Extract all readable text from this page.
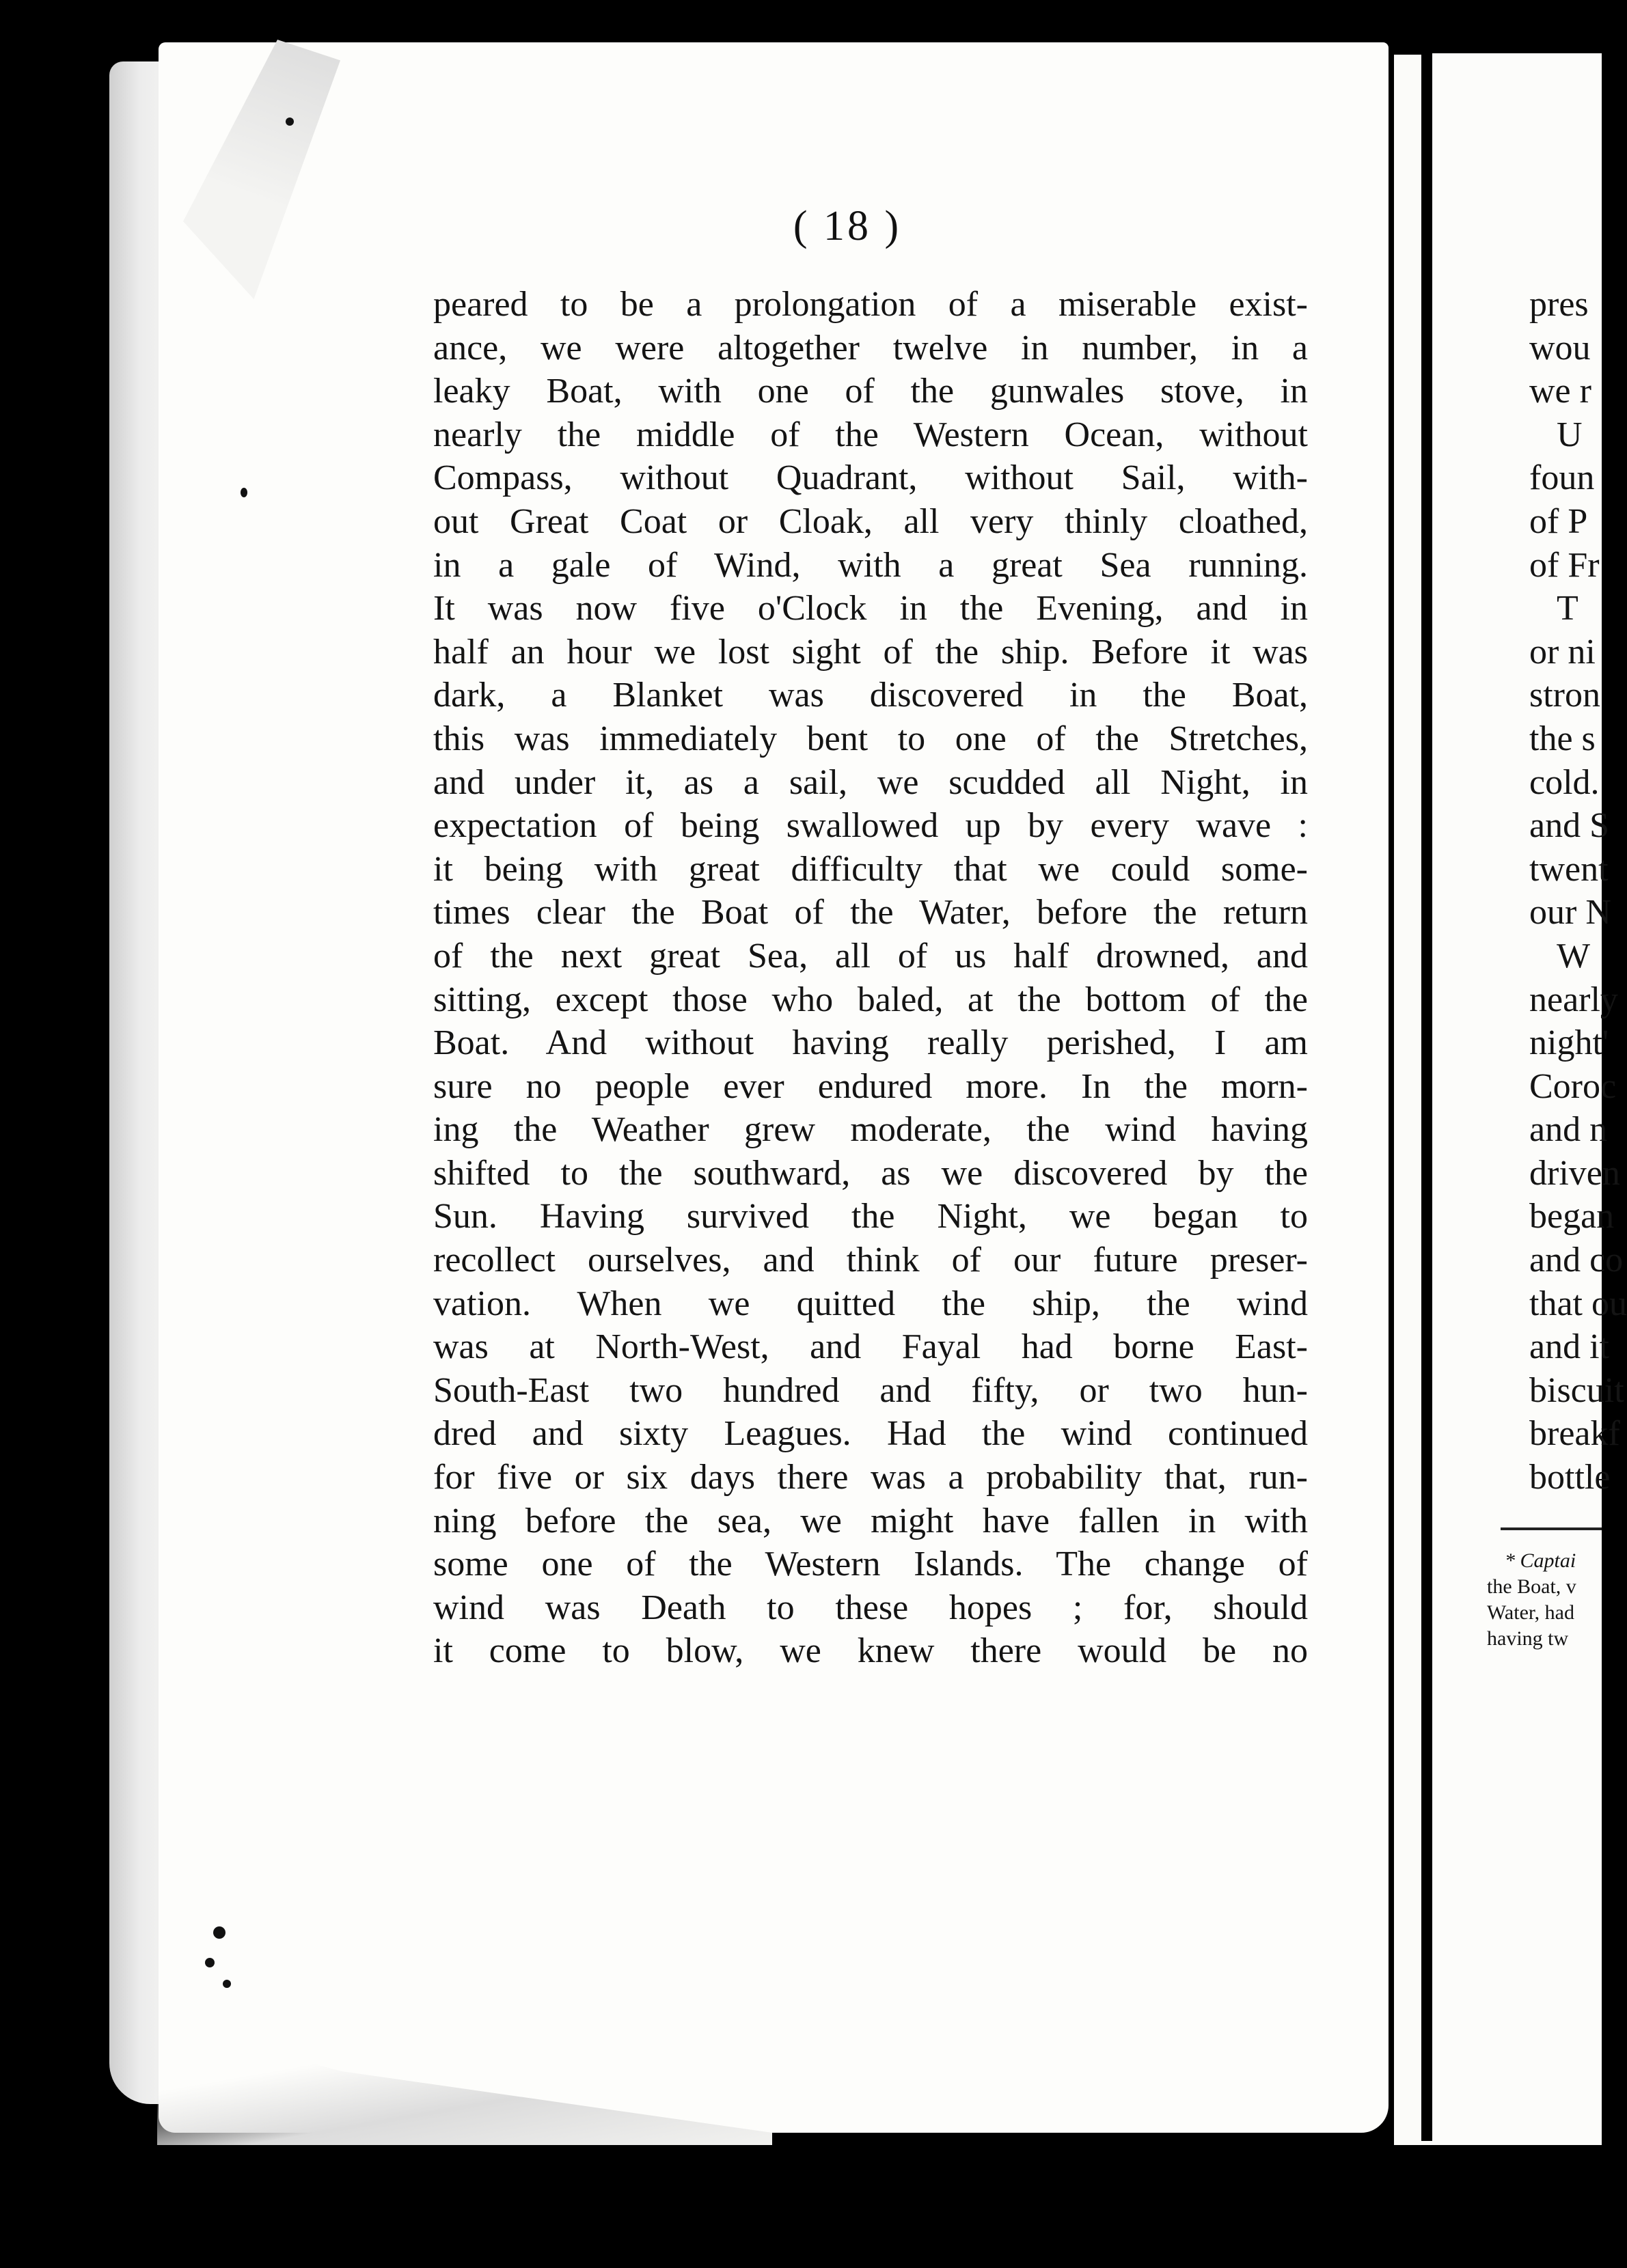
( 18 )
peared to be a prolongation of a miserable exist-
ance, we were altogether twelve in number, in a
leaky Boat, with one of the gunwales stove, in
nearly the middle of the Western Ocean, without
Compass, without Quadrant, without Sail, with-
out Great Coat or Cloak, all very thinly cloathed,
in a gale of Wind, with a great Sea running.
It was now five o'Clock in the Evening, and in
half an hour we lost sight of the ship. Before it was
dark, a Blanket was discovered in the Boat,
this was immediately bent to one of the Stretches,
and under it, as a sail, we scudded all Night, in
expectation of being swallowed up by every wave :
it being with great difficulty that we could some-
times clear the Boat of the Water, before the return
of the next great Sea, all of us half drowned, and
sitting, except those who baled, at the bottom of the
Boat. And without having really perished, I am
sure no people ever endured more. In the morn-
ing the Weather grew moderate, the wind having
shifted to the southward, as we discovered by the
Sun. Having survived the Night, we began to
recollect ourselves, and think of our future preser-
vation. When we quitted the ship, the wind
was at North-West, and Fayal had borne East-
South-East two hundred and fifty, or two hun-
dred and sixty Leagues. Had the wind continued
for five or six days there was a probability that, run-
ning before the sea, we might have fallen in with
some one of the Western Islands. The change of
wind was Death to these hopes ; for, should
it come to blow, we knew there would be no
pres
wou
we r
U
foun
of P
of Fr
T
or ni
stron
the s
cold.
and S
twent
our N
W
nearly
night'
Coroc
and n
driven
began
and co
that ou
and it
biscuit
breakf
bottle
* Captai
the Boat, v
Water, had
having tw
